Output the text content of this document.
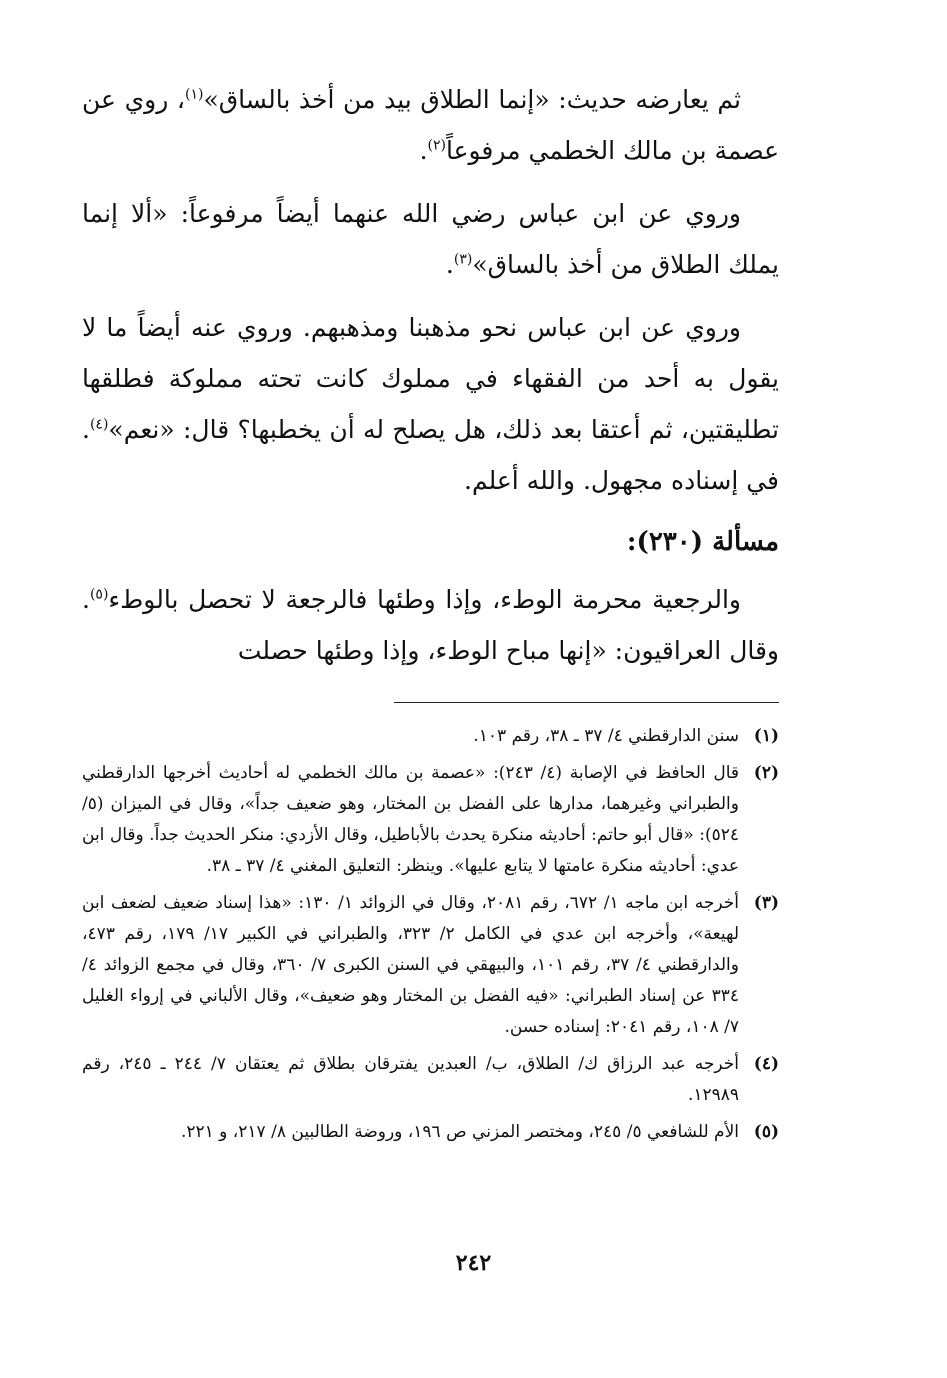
ثم يعارضه حديث: «إنما الطلاق بيد من أخذ بالساق»$^{(١)}$، روي عن عصمة بن مالك الخطمي مرفوعاً$^{(٢)}$.

وروي عن ابن عباس رضي الله عنهما أيضاً مرفوعاً: «ألا إنما يملك الطلاق من أخذ بالساق»$^{(٣)}$.

وروي عن ابن عباس نحو مذهبنا ومذهبهم. وروي عنه أيضاً ما لا يقول به أحد من الفقهاء في مملوك كانت تحته مملوكة فطلقها تطليقتين، ثم أعتقا بعد ذلك، هل يصلح له أن يخطبها؟ قال: «نعم»$^{(٤)}$. في إسناده مجهول. والله أعلم.

مسألة (٢٣٠):

والرجعية محرمة الوطء، وإذا وطئها فالرجعة لا تحصل بالوطء$^{(٥)}$. وقال العراقيون: «إنها مباح الوطء، وإذا وطئها حصلت

(١)
سنن الدارقطني ٤/ ٣٧ ـ ٣٨، رقم ١٠٣.
(٢)
قال الحافظ في الإصابة (٤/ ٢٤٣): «عصمة بن مالك الخطمي له أحاديث أخرجها الدارقطني والطبراني وغيرهما، مدارها على الفضل بن المختار، وهو ضعيف جداً»، وقال في الميزان (٥/ ٥٢٤): «قال أبو حاتم: أحاديثه منكرة يحدث بالأباطيل، وقال الأزدي: منكر الحديث جداً. وقال ابن عدي: أحاديثه منكرة عامتها لا يتابع عليها». وينظر: التعليق المغني ٤/ ٣٧ ـ ٣٨.
(٣)
أخرجه ابن ماجه ١/ ٦٧٢، رقم ٢٠٨١، وقال في الزوائد ١/ ١٣٠: «هذا إسناد ضعيف لضعف ابن لهيعة»، وأخرجه ابن عدي في الكامل ٢/ ٣٢٣، والطبراني في الكبير ١٧/ ١٧٩، رقم ٤٧٣، والدارقطني ٤/ ٣٧، رقم ١٠١، والبيهقي في السنن الكبرى ٧/ ٣٦٠، وقال في مجمع الزوائد ٤/ ٣٣٤ عن إسناد الطبراني: «فيه الفضل بن المختار وهو ضعيف»، وقال الألباني في إرواء الغليل ٧/ ١٠٨، رقم ٢٠٤١: إسناده حسن.
(٤)
أخرجه عبد الرزاق ك/ الطلاق، ب/ العبدين يفترقان بطلاق ثم يعتقان ٧/ ٢٤٤ ـ ٢٤٥، رقم ١٢٩٨٩.
(٥)
الأم للشافعي ٥/ ٢٤٥، ومختصر المزني ص ١٩٦، وروضة الطالبين ٨/ ٢١٧، و ٢٢١.
٢٤٢
